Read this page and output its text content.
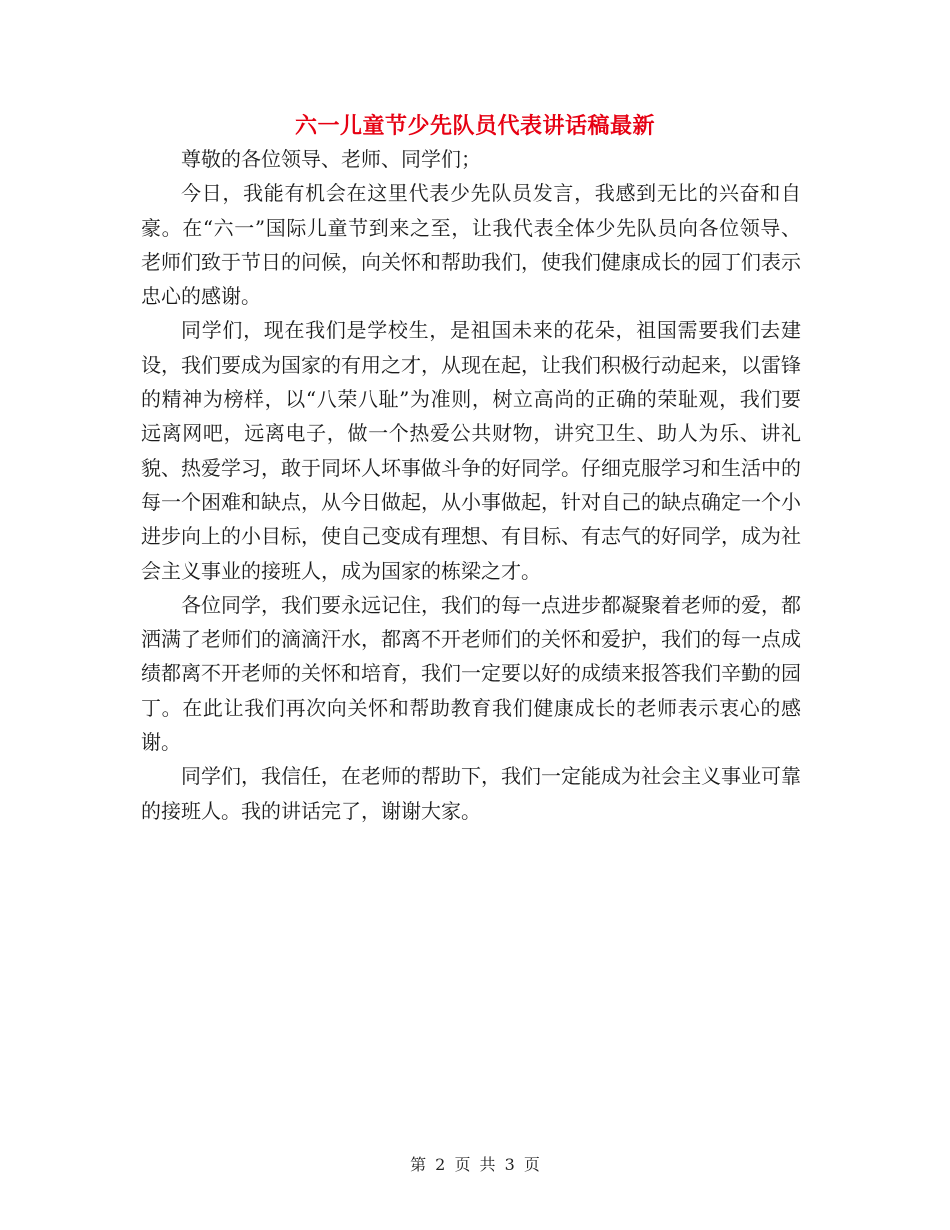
六一儿童节少先队员代表讲话稿最新

尊敬的各位领导、老师、同学们；

今日，我能有机会在这里代表少先队员发言，我感到无比的兴奋和自豪。在“六一”国际儿童节到来之至，让我代表全体少先队员向各位领导、老师们致于节日的问候，向关怀和帮助我们，使我们健康成长的园丁们表示忠心的感谢。

同学们，现在我们是学校生，是祖国未来的花朵，祖国需要我们去建设，我们要成为国家的有用之才，从现在起，让我们积极行动起来，以雷锋的精神为榜样，以“八荣八耻”为准则，树立高尚的正确的荣耻观，我们要远离网吧，远离电子，做一个热爱公共财物，讲究卫生、助人为乐、讲礼貌、热爱学习，敢于同坏人坏事做斗争的好同学。仔细克服学习和生活中的每一个困难和缺点，从今日做起，从小事做起，针对自己的缺点确定一个小进步向上的小目标，使自己变成有理想、有目标、有志气的好同学，成为社会主义事业的接班人，成为国家的栋梁之才。

各位同学，我们要永远记住，我们的每一点进步都凝聚着老师的爱，都洒满了老师们的滴滴汗水，都离不开老师们的关怀和爱护，我们的每一点成绩都离不开老师的关怀和培育，我们一定要以好的成绩来报答我们辛勤的园丁。在此让我们再次向关怀和帮助教育我们健康成长的老师表示衷心的感谢。

同学们，我信任，在老师的帮助下，我们一定能成为社会主义事业可靠的接班人。我的讲话完了，谢谢大家。

第 2 页 共 3 页
